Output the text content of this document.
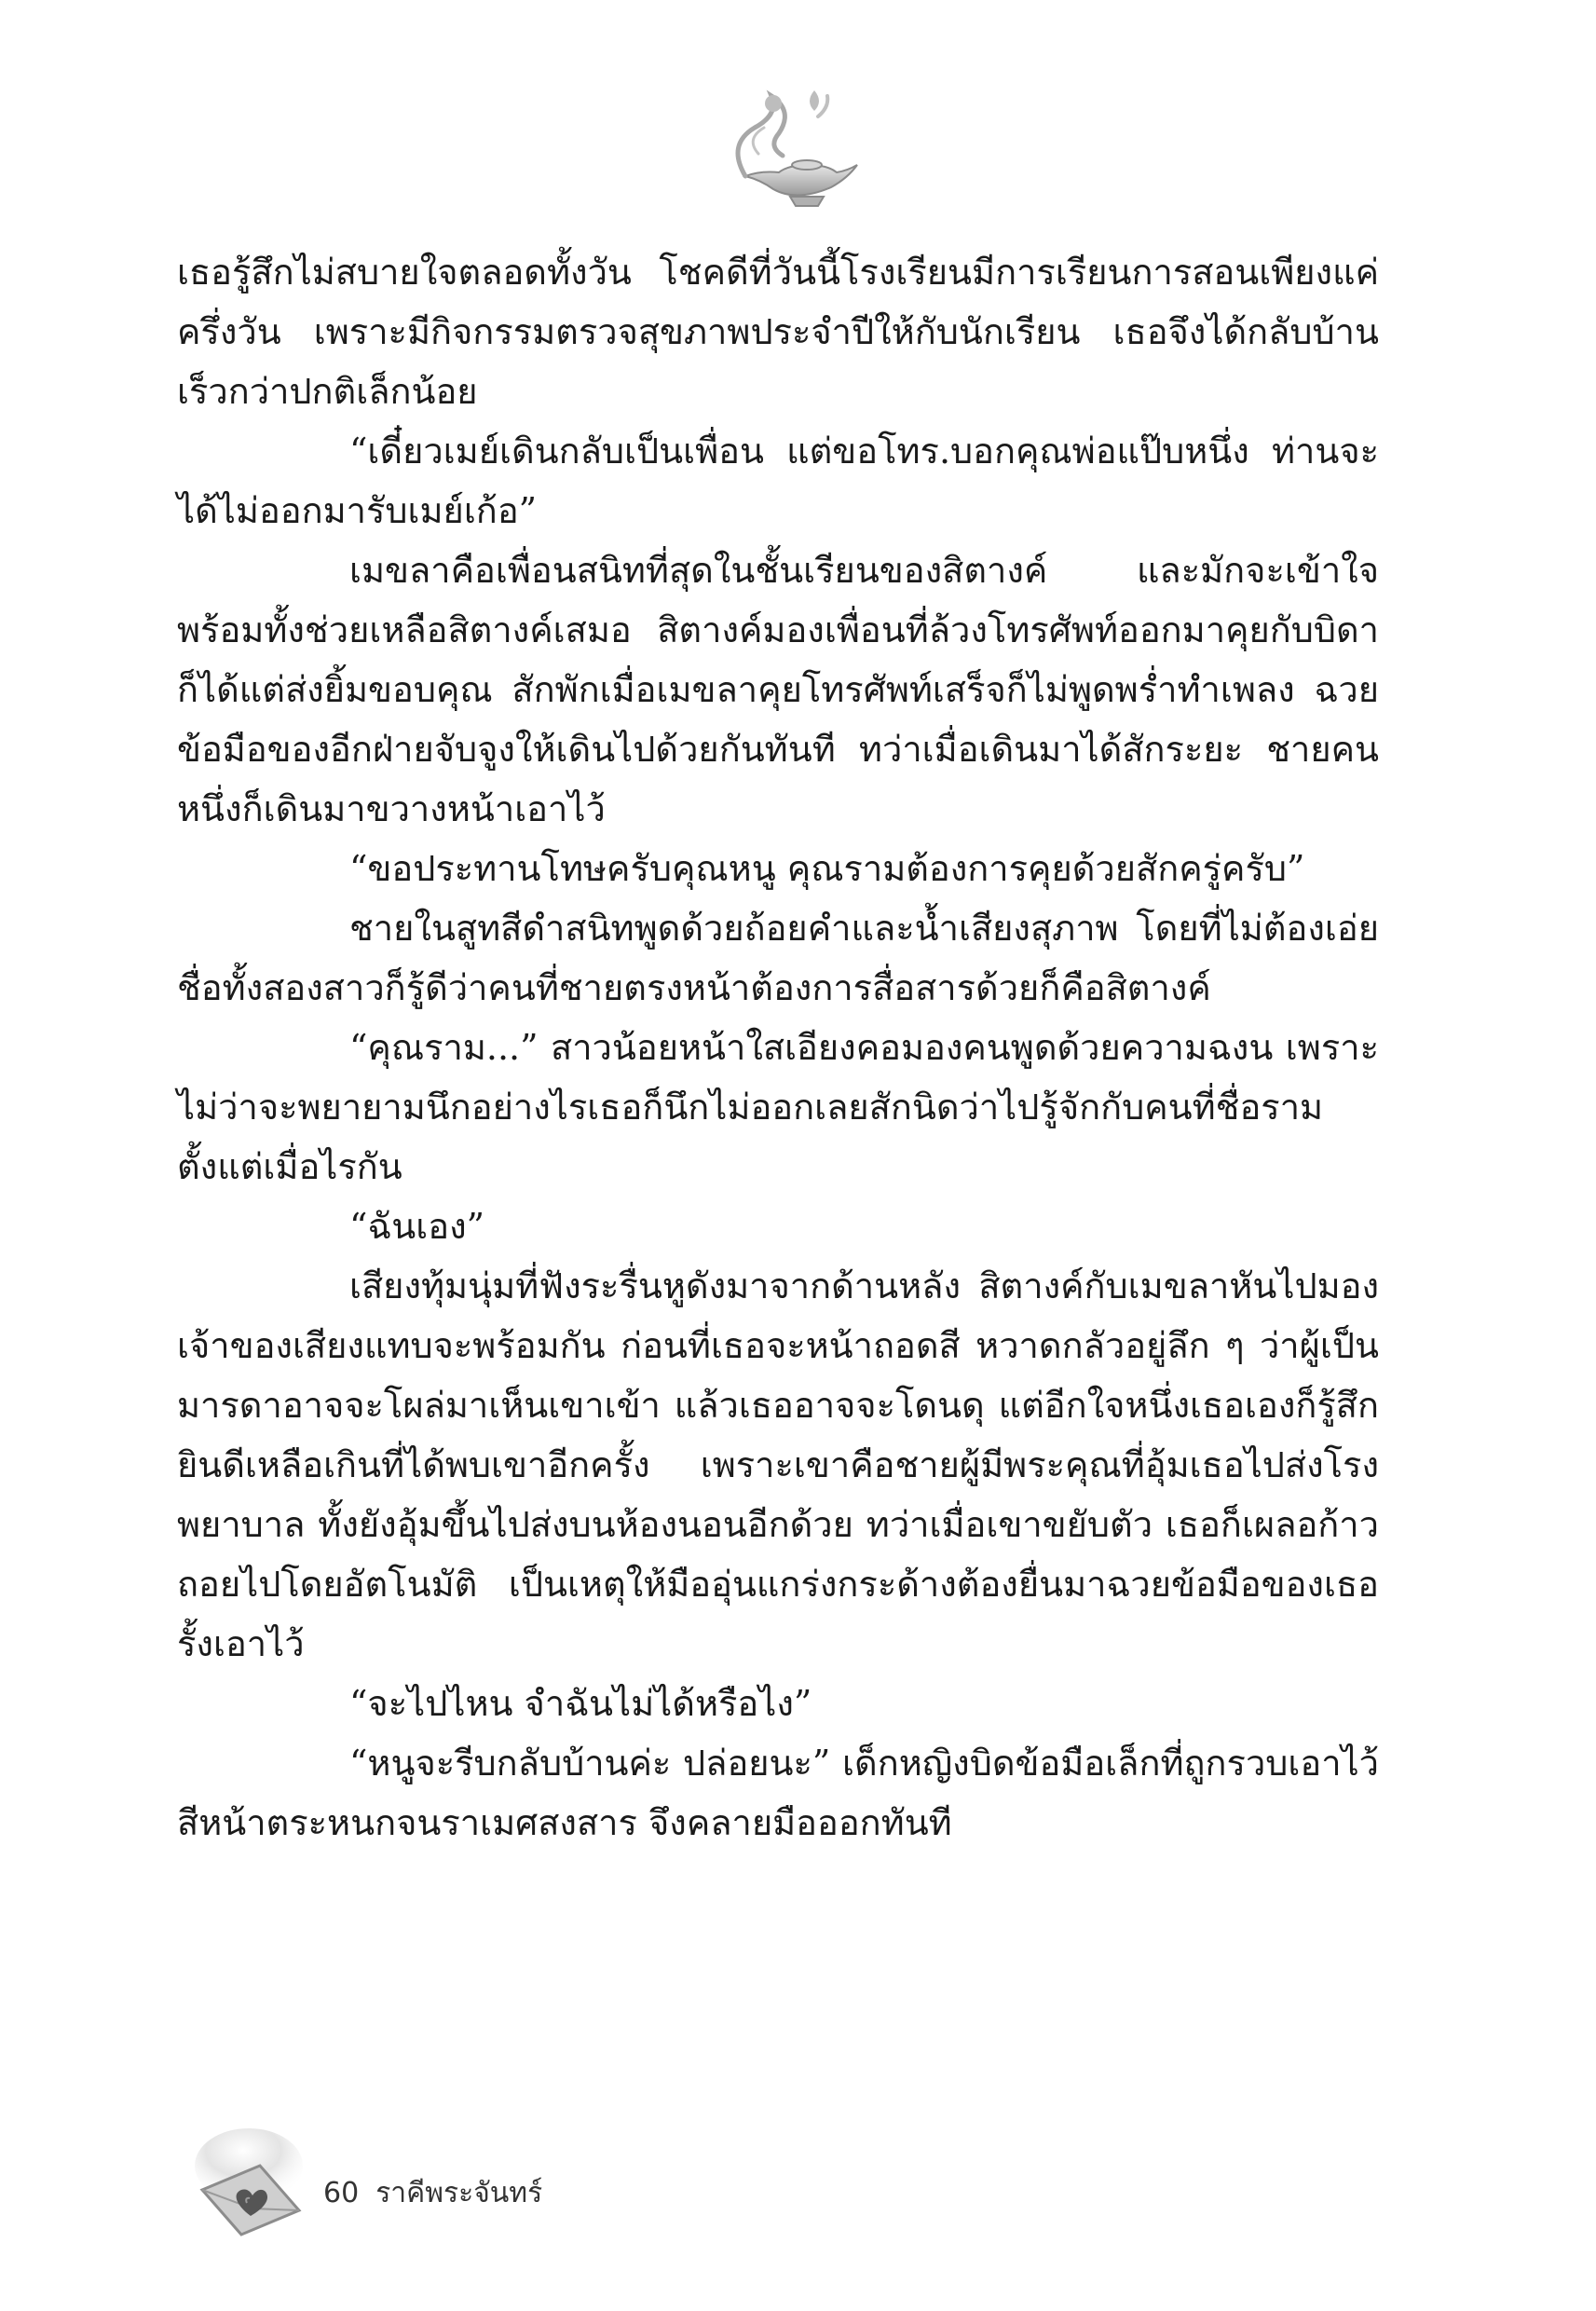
เธอรู้สึกไม่สบายใจตลอดทั้งวัน โชคดีที่วันนี้โรงเรียนมีการเรียนการสอนเพียงแค่ครึ่งวัน เพราะมีกิจกรรมตรวจสุขภาพประจำปีให้กับนักเรียน เธอจึงได้กลับบ้านเร็วกว่าปกติเล็กน้อย

“เดี๋ยวเมย์เดินกลับเป็นเพื่อน แต่ขอโทร.บอกคุณพ่อแป๊บหนึ่ง ท่านจะได้ไม่ออกมารับเมย์เก้อ”

เมขลาคือเพื่อนสนิทที่สุดในชั้นเรียนของสิตางค์ และมักจะเข้าใจ พร้อมทั้งช่วยเหลือสิตางค์เสมอ สิตางค์มองเพื่อนที่ล้วงโทรศัพท์ออกมาคุยกับบิดาก็ได้แต่ส่งยิ้มขอบคุณ สักพักเมื่อเมขลาคุยโทรศัพท์เสร็จก็ไม่พูดพร่ำทำเพลง ฉวยข้อมือของอีกฝ่ายจับจูงให้เดินไปด้วยกันทันที ทว่าเมื่อเดินมาได้สักระยะ ชายคนหนึ่งก็เดินมาขวางหน้าเอาไว้

“ขอประทานโทษครับคุณหนู คุณรามต้องการคุยด้วยสักครู่ครับ”

ชายในสูทสีดำสนิทพูดด้วยถ้อยคำและน้ำเสียงสุภาพ โดยที่ไม่ต้องเอ่ยชื่อทั้งสองสาวก็รู้ดีว่าคนที่ชายตรงหน้าต้องการสื่อสารด้วยก็คือสิตางค์

“คุณราม...” สาวน้อยหน้าใสเอียงคอมองคนพูดด้วยความฉงน เพราะไม่ว่าจะพยายามนึกอย่างไรเธอก็นึกไม่ออกเลยสักนิดว่าไปรู้จักกับคนที่ชื่อรามตั้งแต่เมื่อไรกัน

“ฉันเอง”

เสียงทุ้มนุ่มที่ฟังระรื่นหูดังมาจากด้านหลัง สิตางค์กับเมขลาหันไปมองเจ้าของเสียงแทบจะพร้อมกัน ก่อนที่เธอจะหน้าถอดสี หวาดกลัวอยู่ลึก ๆ ว่าผู้เป็นมารดาอาจจะโผล่มาเห็นเขาเข้า แล้วเธออาจจะโดนดุ แต่อีกใจหนึ่งเธอเองก็รู้สึกยินดีเหลือเกินที่ได้พบเขาอีกครั้ง เพราะเขาคือชายผู้มีพระคุณที่อุ้มเธอไปส่งโรงพยาบาล ทั้งยังอุ้มขึ้นไปส่งบนห้องนอนอีกด้วย ทว่าเมื่อเขาขยับตัว เธอก็เผลอก้าวถอยไปโดยอัตโนมัติ เป็นเหตุให้มืออุ่นแกร่งกระด้างต้องยื่นมาฉวยข้อมือของเธอรั้งเอาไว้

“จะไปไหน จำฉันไม่ได้หรือไง”

“หนูจะรีบกลับบ้านค่ะ ปล่อยนะ” เด็กหญิงบิดข้อมือเล็กที่ถูกรวบเอาไว้ สีหน้าตระหนกจนราเมศสงสาร จึงคลายมือออกทันที

60 ราคีพระจันทร์
